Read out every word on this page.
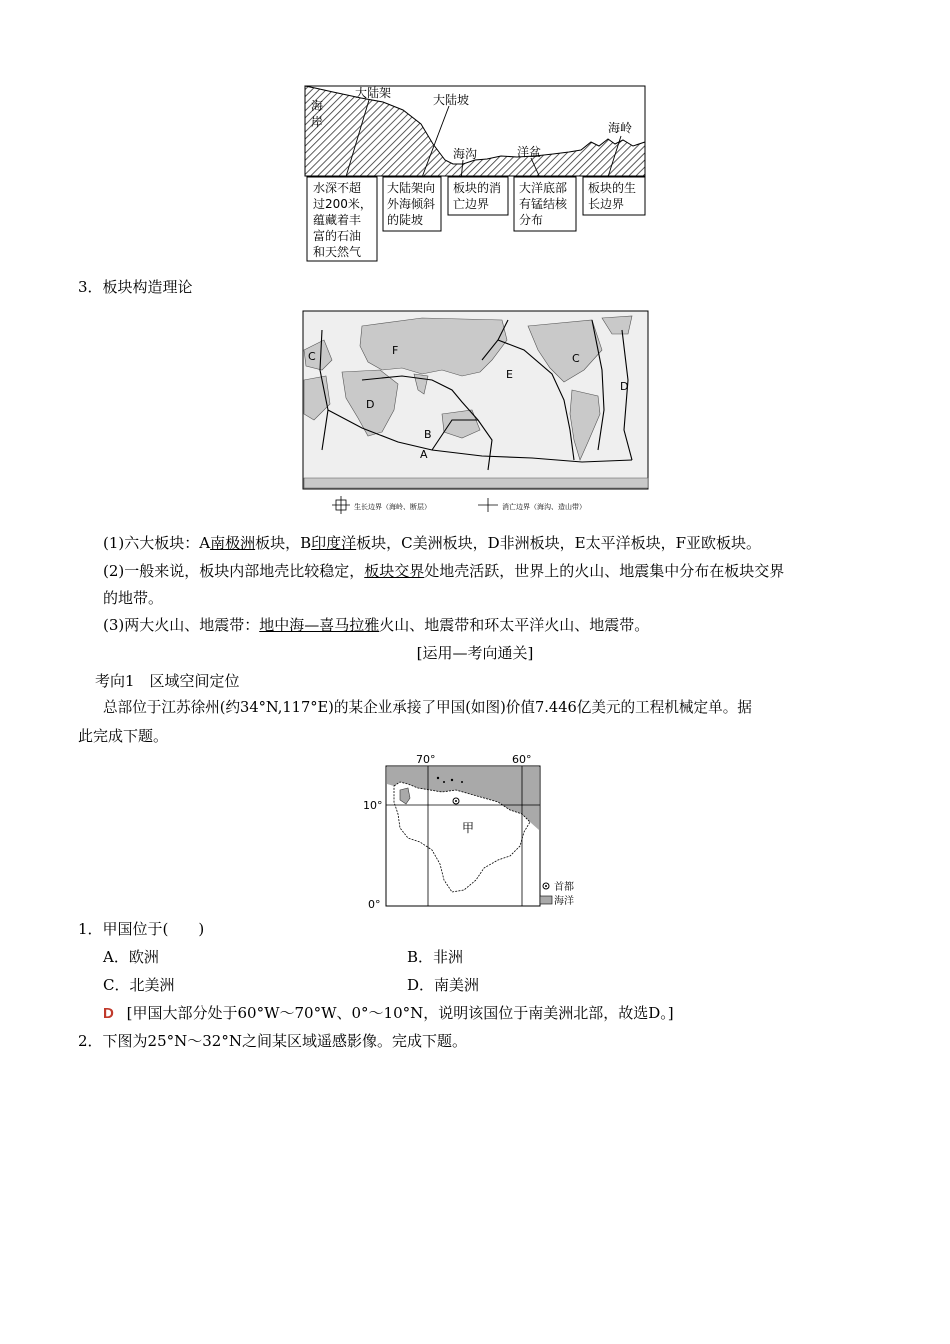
海
岸
大陆架	大陆坡
海沟	洋盆
海岭
水深不超
过200米，
蕴藏着丰
富的石油
和天然气
大陆架向
外海倾斜
的陡坡
板块的消
亡边界
大洋底部
有锰结核
分布
板块的生
长边界
3．板块构造理论
A
B
C	C
D
D
E
F
生长边界（海岭、断层）	消亡边界（海沟、造山带）
(1)六大板块：A南极洲板块，B印度洋板块，C美洲板块，D非洲板块，E太平洋板块，F亚欧板块。
(2)一般来说，板块内部地壳比较稳定，板块交界处地壳活跃，世界上的火山、地震集中分布在板块交界
的地带。
(3)两大火山、地震带：地中海—喜马拉雅火山、地震带和环太平洋火山、地震带。
[运用—考向通关]
考向1　区域空间定位
总部位于江苏徐州(约34°N,117°E)的某企业承接了甲国(如图)价值7.446亿美元的工程机械定单。据
此完成下题。
70°	60°
10°
0°
甲
首都
海洋
1．甲国位于(　　)
A．欧洲	B．非洲
C．北美洲	D．南美洲
D [甲国大部分处于60°W～70°W、0°～10°N，说明该国位于南美洲北部，故选D。]
2．下图为25°N～32°N之间某区域遥感影像。完成下题。
